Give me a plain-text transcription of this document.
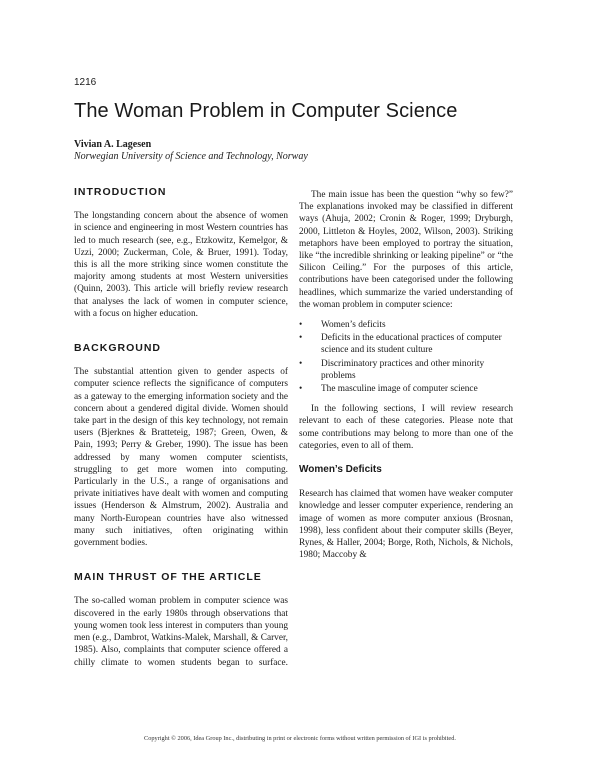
1216
The Woman Problem in Computer Science
Vivian A. Lagesen
Norwegian University of Science and Technology, Norway
INTRODUCTION

The longstanding concern about the absence of women in science and engineering in most Western countries has led to much research (see, e.g., Etzkowitz, Kemelgor, & Uzzi, 2000; Zuckerman, Cole, & Bruer, 1991). Today, this is all the more striking since women constitute the majority among students at most Western universities (Quinn, 2003). This article will briefly review research that analyses the lack of women in computer science, with a focus on higher education.

BACKGROUND

The substantial attention given to gender aspects of computer science reflects the significance of computers as a gateway to the emerging information society and the concern about a gendered digital divide. Women should take part in the design of this key technology, not remain users (Bjerknes & Bratteteig, 1987; Green, Owen, & Pain, 1993; Perry & Greber, 1990). The issue has been addressed by many women computer scientists, struggling to get more women into computing. Particularly in the U.S., a range of organisations and private initiatives have dealt with women and computing issues (Henderson & Almstrum, 2002). Australia and many North-European countries have also witnessed many such initiatives, often originating within government bodies.

MAIN THRUST OF THE ARTICLE

The so-called woman problem in computer science was discovered in the early 1980s through observations that young women took less interest in computers than young men (e.g., Dambrot, Watkins-Malek, Marshall, & Carver, 1985). Also, complaints that computer science offered a chilly climate to women students began to surface.

The main issue has been the question “why so few?” The explanations invoked may be classified in different ways (Ahuja, 2002; Cronin & Roger, 1999; Dryburgh, 2000, Littleton & Hoyles, 2002, Wilson, 2003). Striking metaphors have been employed to portray the situation, like “the incredible shrinking or leaking pipeline” or “the Silicon Ceiling.” For the purposes of this article, contributions have been categorised under the following headlines, which summarize the varied understanding of the woman problem in computer science:

• Women’s deficits
• Deficits in the educational practices of computer science and its student culture
• Discriminatory practices and other minority problems
• The masculine image of computer science

In the following sections, I will review research relevant to each of these categories. Please note that some contributions may belong to more than one of the categories, even to all of them.

Women’s Deficits

Research has claimed that women have weaker computer knowledge and lesser computer experience, rendering an image of women as more computer anxious (Brosnan, 1998), less confident about their computer skills (Beyer, Rynes, & Haller, 2004; Borge, Roth, Nichols, & Nichols, 1980; Maccoby &

Copyright © 2006, Idea Group Inc., distributing in print or electronic forms without written permission of IGI is prohibited.
